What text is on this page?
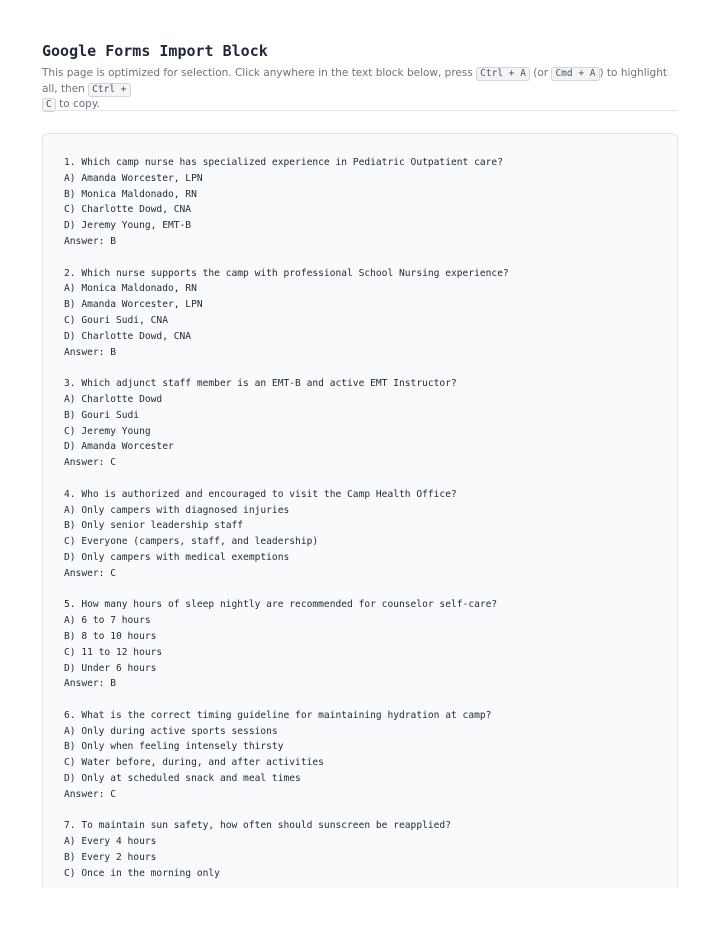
Google Forms Import Block
This page is optimized for selection. Click anywhere in the text block below, press Ctrl + A (or Cmd + A ) to highlight all, then Ctrl +
C to copy.
1. Which camp nurse has specialized experience in Pediatric Outpatient care?
A) Amanda Worcester, LPN
B) Monica Maldonado, RN
C) Charlotte Dowd, CNA
D) Jeremy Young, EMT-B
Answer: B

2. Which nurse supports the camp with professional School Nursing experience?
A) Monica Maldonado, RN
B) Amanda Worcester, LPN
C) Gouri Sudi, CNA
D) Charlotte Dowd, CNA
Answer: B

3. Which adjunct staff member is an EMT-B and active EMT Instructor?
A) Charlotte Dowd
B) Gouri Sudi
C) Jeremy Young
D) Amanda Worcester
Answer: C

4. Who is authorized and encouraged to visit the Camp Health Office?
A) Only campers with diagnosed injuries
B) Only senior leadership staff
C) Everyone (campers, staff, and leadership)
D) Only campers with medical exemptions
Answer: C

5. How many hours of sleep nightly are recommended for counselor self-care?
A) 6 to 7 hours
B) 8 to 10 hours
C) 11 to 12 hours
D) Under 6 hours
Answer: B

6. What is the correct timing guideline for maintaining hydration at camp?
A) Only during active sports sessions
B) Only when feeling intensely thirsty
C) Water before, during, and after activities
D) Only at scheduled snack and meal times
Answer: C

7. To maintain sun safety, how often should sunscreen be reapplied?
A) Every 4 hours
B) Every 2 hours
C) Once in the morning only
